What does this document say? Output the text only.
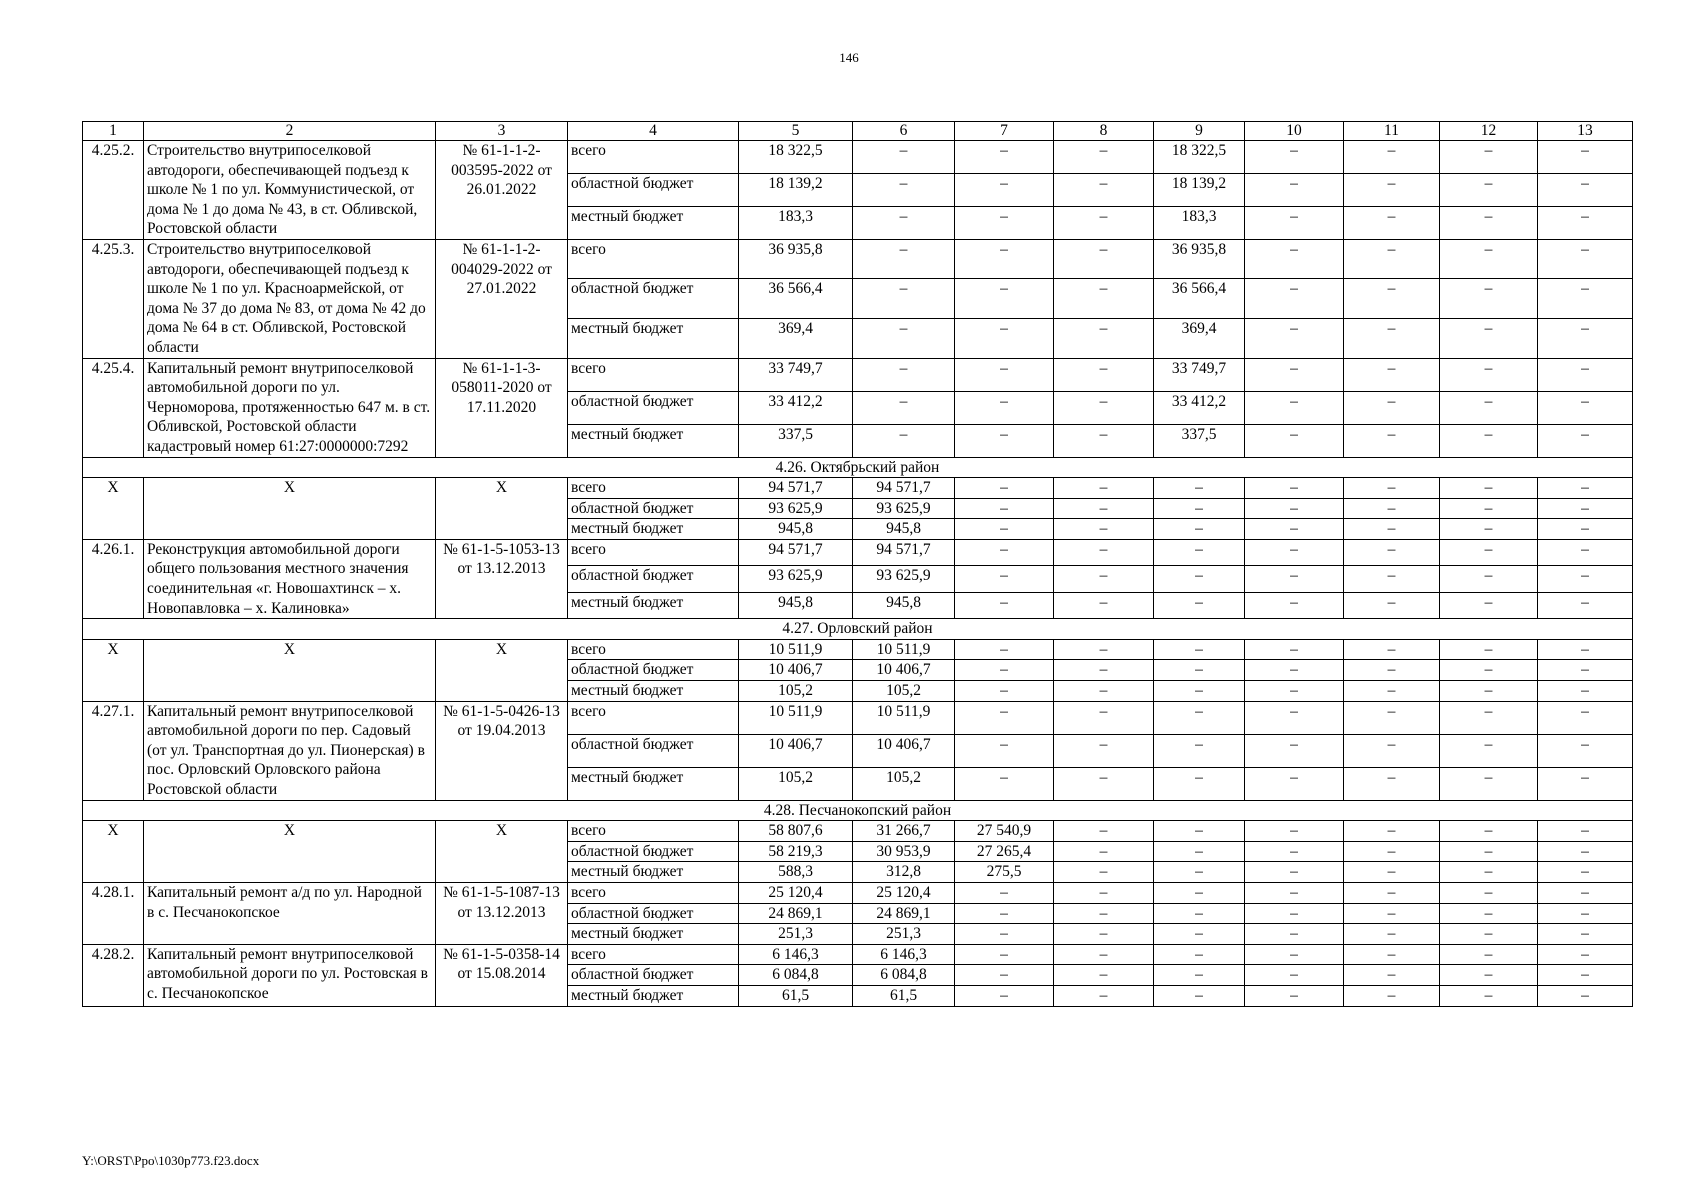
146
1	2	3	4	5	6	7	8	9	10	11	12	13
4.25.2.	Строительство внутрипоселковой автодороги, обеспечивающей подъезд к школе № 1 по ул. Коммунистической, от дома № 1 до дома № 43, в ст. Обливской, Ростовской области	№ 61-1-1-2-003595-2022 от 26.01.2022	всего	18 322,5	–	–	–	18 322,5	–	–	–	–
			областной бюджет	18 139,2	–	–	–	18 139,2	–	–	–	–
			местный бюджет	183,3	–	–	–	183,3	–	–	–	–
4.25.3.	Строительство внутрипоселковой автодороги, обеспечивающей подъезд к школе № 1 по ул. Красноармейской, от дома № 37 до дома № 83, от дома № 42 до дома № 64 в ст. Обливской, Ростовской области	№ 61-1-1-2-004029-2022 от 27.01.2022	всего	36 935,8	–	–	–	36 935,8	–	–	–	–
			областной бюджет	36 566,4	–	–	–	36 566,4	–	–	–	–
			местный бюджет	369,4	–	–	–	369,4	–	–	–	–
4.25.4.	Капитальный ремонт внутрипоселковой автомобильной дороги по ул. Черноморова, протяженностью 647 м. в ст. Обливской, Ростовской области кадастровый номер 61:27:0000000:7292	№ 61-1-1-3-058011-2020 от 17.11.2020	всего	33 749,7	–	–	–	33 749,7	–	–	–	–
			областной бюджет	33 412,2	–	–	–	33 412,2	–	–	–	–
			местный бюджет	337,5	–	–	–	337,5	–	–	–	–
4.26. Октябрьский район												
Х	Х	Х	всего	94 571,7	94 571,7	–	–	–	–	–	–	–
			областной бюджет	93 625,9	93 625,9	–	–	–	–	–	–	–
			местный бюджет	945,8	945,8	–	–	–	–	–	–	–
4.26.1.	Реконструкция автомобильной дороги общего пользования местного значения соединительная «г. Новошахтинск – х. Новопавловка – х. Калиновка»	№ 61-1-5-1053-13 от 13.12.2013	всего	94 571,7	94 571,7	–	–	–	–	–	–	–
			областной бюджет	93 625,9	93 625,9	–	–	–	–	–	–	–
			местный бюджет	945,8	945,8	–	–	–	–	–	–	–
4.27. Орловский район												
Х	Х	Х	всего	10 511,9	10 511,9	–	–	–	–	–	–	–
			областной бюджет	10 406,7	10 406,7	–	–	–	–	–	–	–
			местный бюджет	105,2	105,2	–	–	–	–	–	–	–
4.27.1.	Капитальный ремонт внутрипоселковой автомобильной дороги по пер. Садовый (от ул. Транспортная до ул. Пионерская) в пос. Орловский Орловского района Ростовской области	№ 61-1-5-0426-13 от 19.04.2013	всего	10 511,9	10 511,9	–	–	–	–	–	–	–
			областной бюджет	10 406,7	10 406,7	–	–	–	–	–	–	–
			местный бюджет	105,2	105,2	–	–	–	–	–	–	–
4.28. Песчанокопский район												
Х	Х	Х	всего	58 807,6	31 266,7	27 540,9	–	–	–	–	–	–
			областной бюджет	58 219,3	30 953,9	27 265,4	–	–	–	–	–	–
			местный бюджет	588,3	312,8	275,5	–	–	–	–	–	–
4.28.1.	Капитальный ремонт а/д по ул. Народной в с. Песчанокопское	№ 61-1-5-1087-13 от 13.12.2013	всего	25 120,4	25 120,4	–	–	–	–	–	–	–
			областной бюджет	24 869,1	24 869,1	–	–	–	–	–	–	–
			местный бюджет	251,3	251,3	–	–	–	–	–	–	–
4.28.2.	Капитальный ремонт внутрипоселковой автомобильной дороги по ул. Ростовская в с. Песчанокопское	№ 61-1-5-0358-14 от 15.08.2014	всего	6 146,3	6 146,3	–	–	–	–	–	–	–
			областной бюджет	6 084,8	6 084,8	–	–	–	–	–	–	–
			местный бюджет	61,5	61,5	–	–	–	–	–	–	–
Y:\ORST\Ppo\1030p773.f23.docx
